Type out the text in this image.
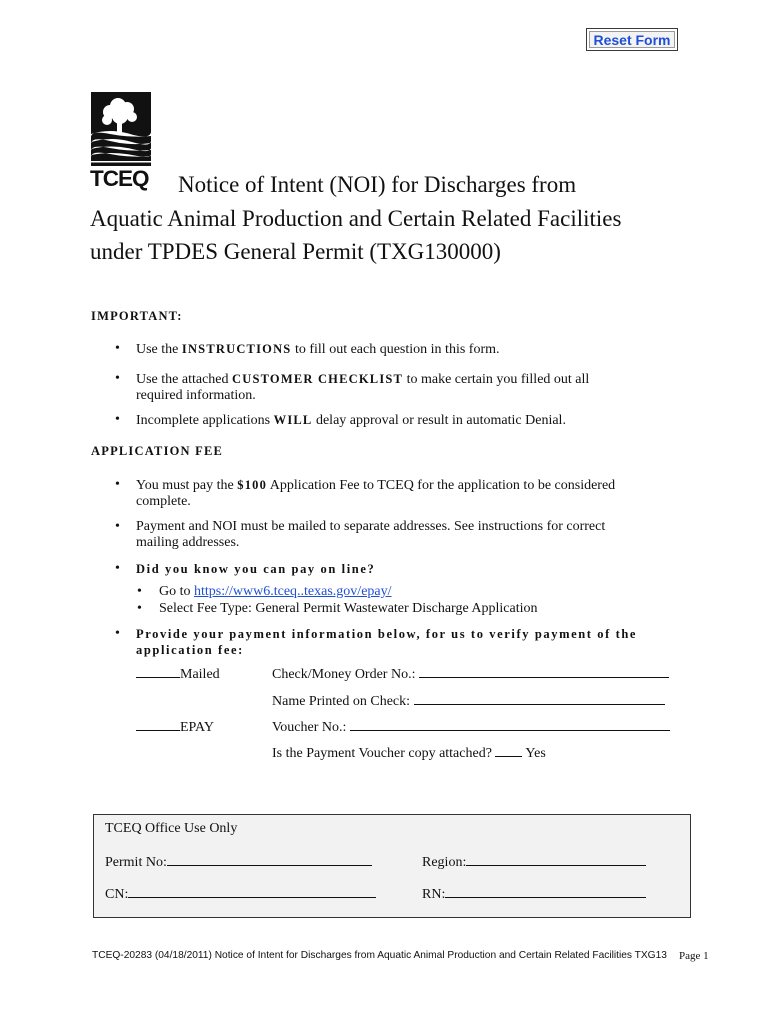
Reset Form
TCEQ	Notice of Intent (NOI) for Discharges from
Aquatic Animal Production and Certain Related Facilities
under TPDES General Permit (TXG130000)
IMPORTANT:
• Use the INSTRUCTIONS to fill out each question in this form.
• Use the attached CUSTOMER CHECKLIST to make certain you filled out all
required information.
• Incomplete applications WILL delay approval or result in automatic Denial.
APPLICATION FEE
• You must pay the $100 Application Fee to TCEQ for the application to be considered
complete.
• Payment and NOI must be mailed to separate addresses. See instructions for correct
mailing addresses.
• Did you know you can pay on line?
• Go to https://www6.tceq..texas.gov/epay/
• Select Fee Type: General Permit Wastewater Discharge Application
• Provide your payment information below, for us to verify payment of the
application fee:
Mailed	Check/Money Order No.:
Name Printed on Check:
EPAY	Voucher No.:
Is the Payment Voucher copy attached? Yes
TCEQ Office Use Only
Permit No:	Region:
CN:	RN:
TCEQ-20283 (04/18/2011) Notice of Intent for Discharges from Aquatic Animal Production and Certain Related Facilities TXG13 Page 1
